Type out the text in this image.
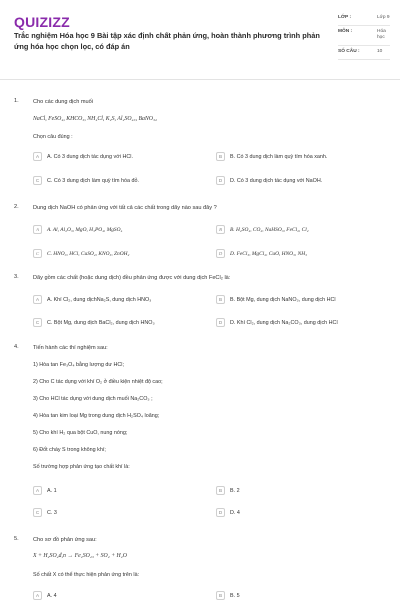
QUIZIZZ
Trắc nghiệm Hóa học 9 Bài tập xác định chất phản ứng, hoàn thành phương trình phản ứng hóa học chọn lọc, có đáp án
LỚP :	Lớp 9
MÔN :	Hóa học
SỐ CÂU :	10
1.	Cho các dung dịch muối
NaCl, FeSO₄, KHCO₃, NH₄Cl, K₂S, Al₂SO₄₃, BaNO₃₂
Chọn câu đúng :
A	A. Có 3 dung dịch tác dụng với HCl.	B	B. Có 3 dung dịch làm quỳ tím hóa xanh.
C	C. Có 3 dung dịch làm quỳ tím hóa đỏ.	D	D. Có 3 dung dịch tác dụng với NaOH.
2.	Dung dịch NaOH có phản ứng với tất cả các chất trong dãy nào sau đây ?
A	A. Al, Al₂O₃, MgO, H₃PO₄, MgSO₄	B	B. H₂SO₄, CO₂, NaHSO₃, FeCl₂, Cl₂
C	C. HNO₃, HCl, CuSO₄, KNO₃, ZnOH₂	D	D. FeCl₃, MgCl₂, CuO, HNO₃, NH₃
3.	Dãy gồm các chất (hoặc dung dịch) đều phản ứng được với dung dịch FeCl₂ là:
A	A. Khí Cl₂, dung dịchNa₂S, dung dịch HNO₃	B	B. Bột Mg, dung dịch NaNO₃, dung dịch HCl
C	C. Bột Mg, dung dịch BaCl₂, dung dịch HNO₃	D	D. Khí Cl₂, dung dịch Na₂CO₃, dung dịch HCl
4.	Tiến hành các thí nghiệm sau:
1) Hòa tan Fe₃O₄ bằng lượng dư HCl;
2) Cho C tác dụng với khí O₂ ở điều kiện nhiệt độ cao;
3) Cho HCl tác dụng với dung dịch muối Na₂CO₃ ;
4) Hòa tan kim loại Mg trong dung dịch H₂SO₄ loãng;
5) Cho khí H₂ qua bột CuO, nung nóng;
6) Đốt cháy S trong không khí;
Số trường hợp phản ứng tạo chất khí là:
A	A. 1	B	B. 2
C	C. 3	D	D. 4
5.	Cho sơ đồ phản ứng sau:
X + H₂SO₄đ,n → Fe₂SO₄₃ + SO₂ + H₂O
Số chất X có thể thực hiện phản ứng trên là:
A	A. 4	B	B. 5
